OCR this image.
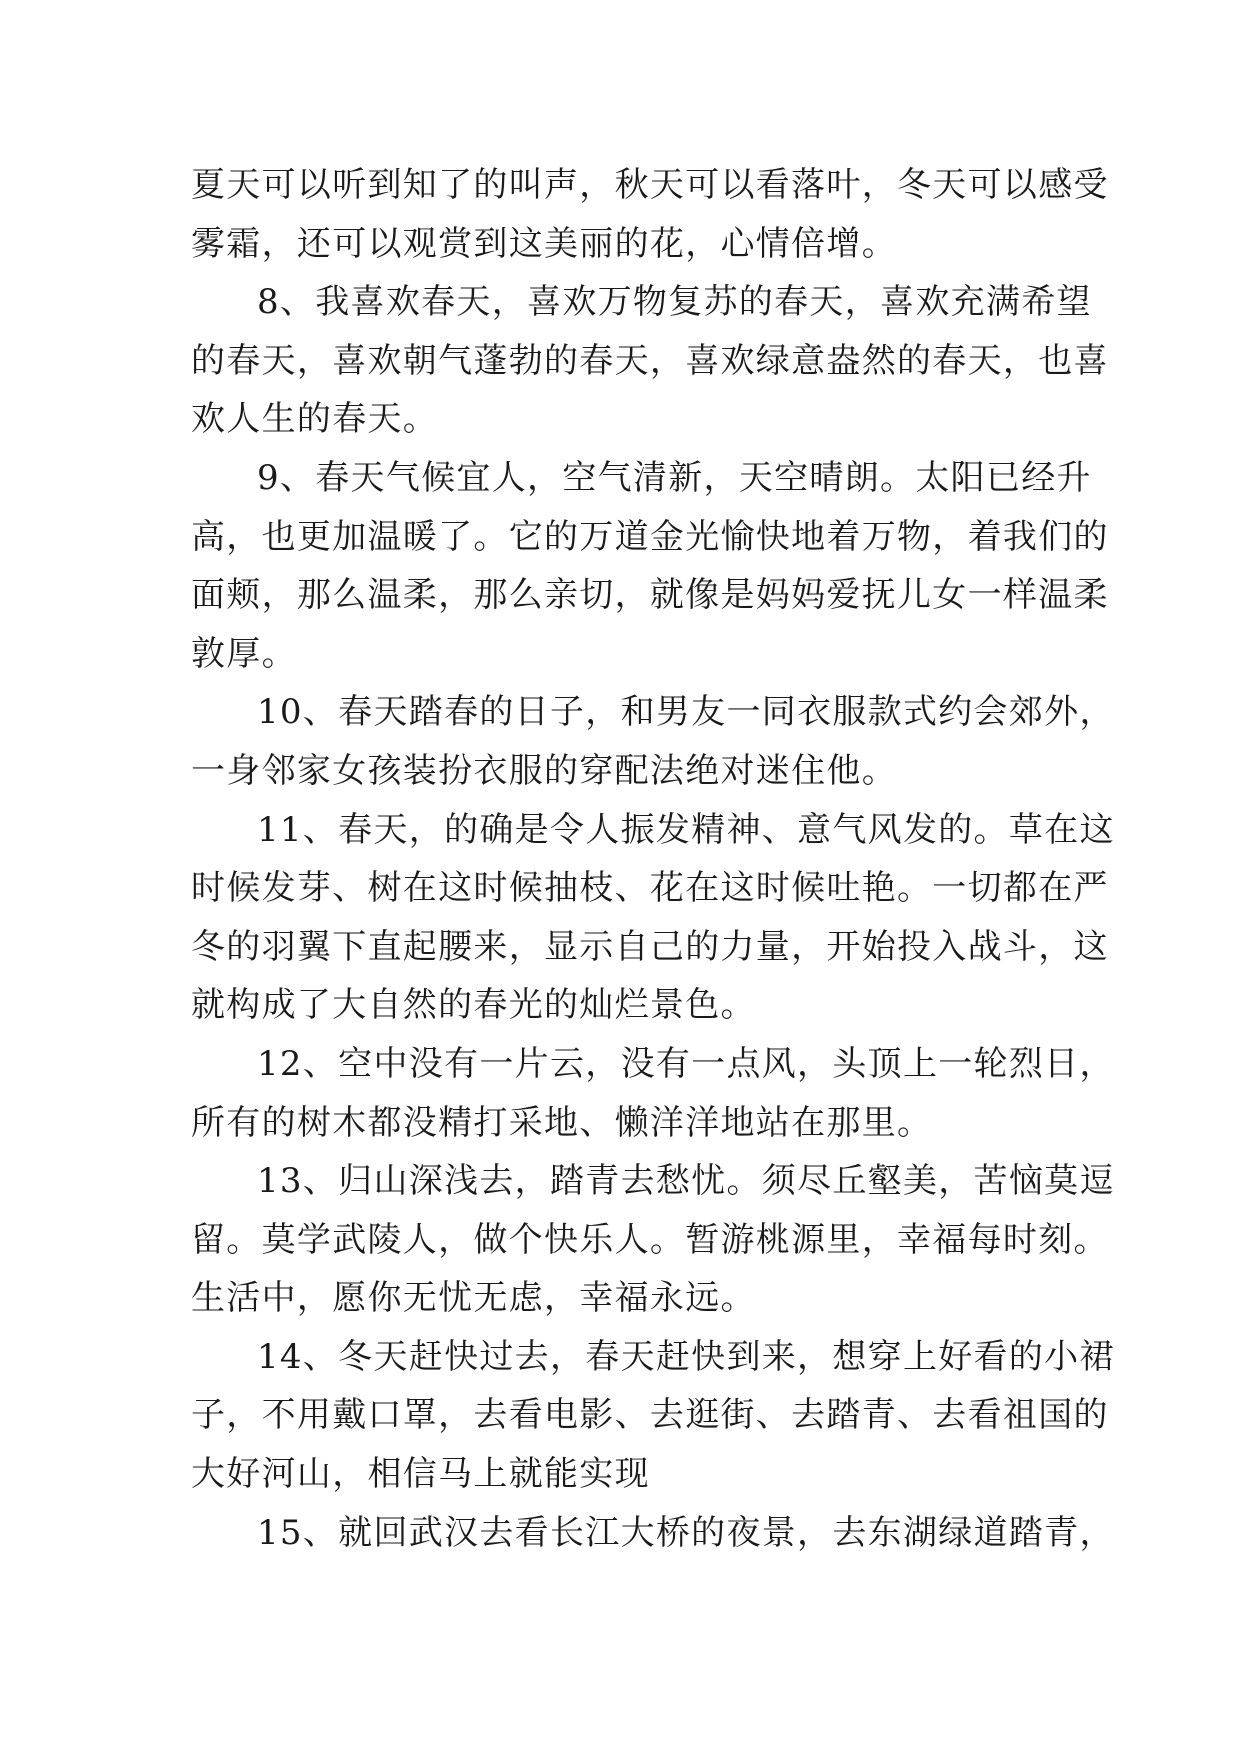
夏天可以听到知了的叫声，秋天可以看落叶，冬天可以感受
雾霜，还可以观赏到这美丽的花，心情倍增。
8、我喜欢春天，喜欢万物复苏的春天，喜欢充满希望
的春天，喜欢朝气蓬勃的春天，喜欢绿意盎然的春天，也喜
欢人生的春天。
9、春天气候宜人，空气清新，天空晴朗。太阳已经升
高，也更加温暖了。它的万道金光愉快地着万物，着我们的
面颊，那么温柔，那么亲切，就像是妈妈爱抚儿女一样温柔
敦厚。
10、春天踏春的日子，和男友一同衣服款式约会郊外，
一身邻家女孩装扮衣服的穿配法绝对迷住他。
11、春天，的确是令人振发精神、意气风发的。草在这
时候发芽、树在这时候抽枝、花在这时候吐艳。一切都在严
冬的羽翼下直起腰来，显示自己的力量，开始投入战斗，这
就构成了大自然的春光的灿烂景色。
12、空中没有一片云，没有一点风，头顶上一轮烈日，
所有的树木都没精打采地、懒洋洋地站在那里。
13、归山深浅去，踏青去愁忧。须尽丘壑美，苦恼莫逗
留。莫学武陵人，做个快乐人。暂游桃源里，幸福每时刻。
生活中，愿你无忧无虑，幸福永远。
14、冬天赶快过去，春天赶快到来，想穿上好看的小裙
子，不用戴口罩，去看电影、去逛街、去踏青、去看祖国的
大好河山，相信马上就能实现
15、就回武汉去看长江大桥的夜景，去东湖绿道踏青，
